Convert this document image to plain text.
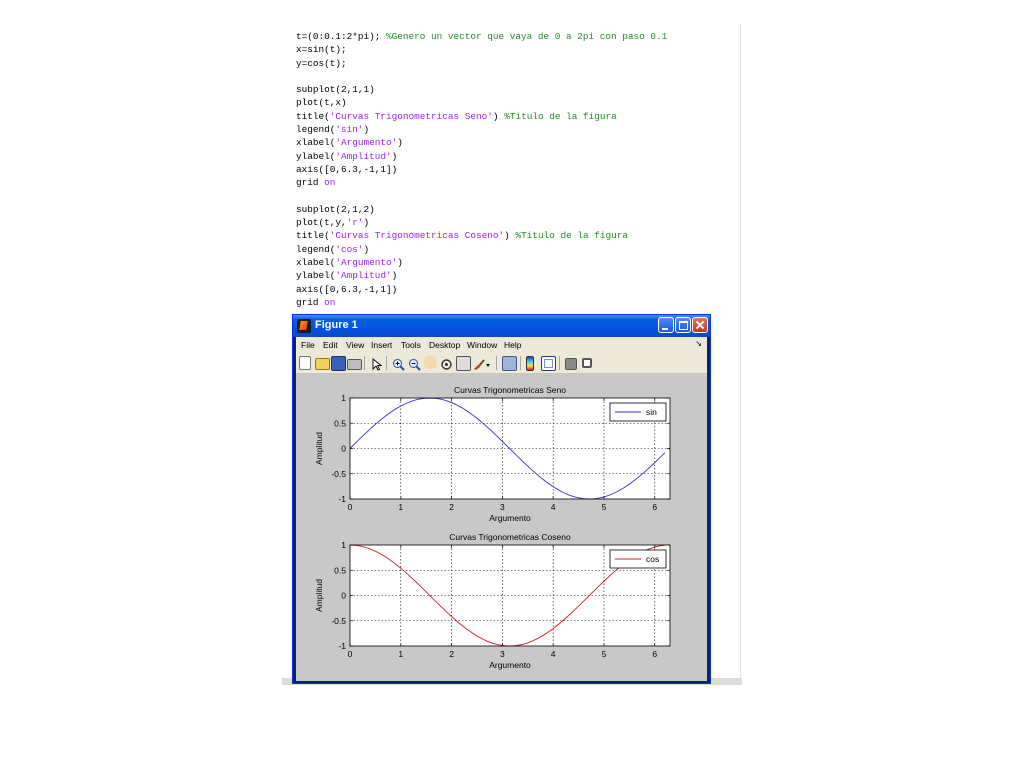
t=(0:0.1:2*pi); %Genero un vector que vaya de 0 a 2pi con paso 0.1
x=sin(t);
y=cos(t);

subplot(2,1,1)
plot(t,x)
title('Curvas Trigonometricas Seno') %Titulo de la figura
legend('sin')
xlabel('Argumento')
ylabel('Amplitud')
axis([0,6.3,-1,1])
grid on

subplot(2,1,2)
plot(t,y,'r')
title('Curvas Trigonometricas Coseno') %Titulo de la figura
legend('cos')
xlabel('Argumento')
ylabel('Amplitud')
axis([0,6.3,-1,1])
grid on
Figure 1
File Edit View Insert Tools Desktop Window Help	↘
0	1	2	3	4	5	6
-1
-0.5
0
0.5
1
Curvas Trigonometricas Seno
Argumento
Amplitud
sin
0	1	2	3	4	5	6
-1
-0.5
0
0.5
1
Curvas Trigonometricas Coseno
Argumento
Amplitud
cos
